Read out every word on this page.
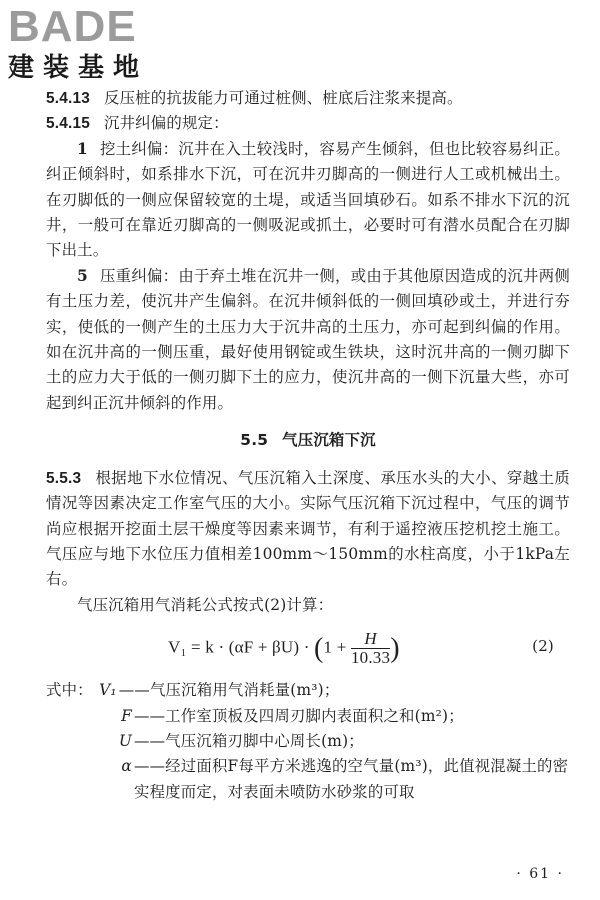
BADE
建装基地

5.4.13 反压桩的抗拔能力可通过桩侧、桩底后注浆来提高。

5.4.15 沉井纠偏的规定：

1 挖土纠偏：沉井在入土较浅时，容易产生倾斜，但也比较容易纠正。纠正倾斜时，如系排水下沉，可在沉井刃脚高的一侧进行人工或机械出土。在刃脚低的一侧应保留较宽的土堤，或适当回填砂石。如系不排水下沉的沉井，一般可在靠近刃脚高的一侧吸泥或抓土，必要时可有潜水员配合在刃脚下出土。

5 压重纠偏：由于弃土堆在沉井一侧，或由于其他原因造成的沉井两侧有土压力差，使沉井产生偏斜。在沉井倾斜低的一侧回填砂或土，并进行夯实，使低的一侧产生的土压力大于沉井高的土压力，亦可起到纠偏的作用。如在沉井高的一侧压重，最好使用钢锭或生铁块，这时沉井高的一侧刃脚下土的应力大于低的一侧刃脚下土的应力，使沉井高的一侧下沉量大些，亦可起到纠正沉井倾斜的作用。

5.5 气压沉箱下沉

5.5.3 根据地下水位情况、气压沉箱入土深度、承压水头的大小、穿越土质情况等因素决定工作室气压的大小。实际气压沉箱下沉过程中，气压的调节尚应根据开挖面土层干燥度等因素来调节，有利于遥控液压挖机挖土施工。气压应与地下水位压力值相差100mm～150mm的水柱高度，小于1kPa左右。

气压沉箱用气消耗公式按式(2)计算：

$V_1 = k \cdot (\alpha F + \beta U) \cdot (1 + \frac{H}{10.33}$ )	(2)
式中： V₁ ——气压沉箱用气消耗量(m³)；
F ——工作室顶板及四周刃脚内表面积之和(m²)；
U ——气压沉箱刃脚中心周长(m)；
α ——经过面积F每平方米逃逸的空气量(m³)，此值视混凝土的密实程度而定，对表面未喷防水砂浆的可取
· 61 ·
